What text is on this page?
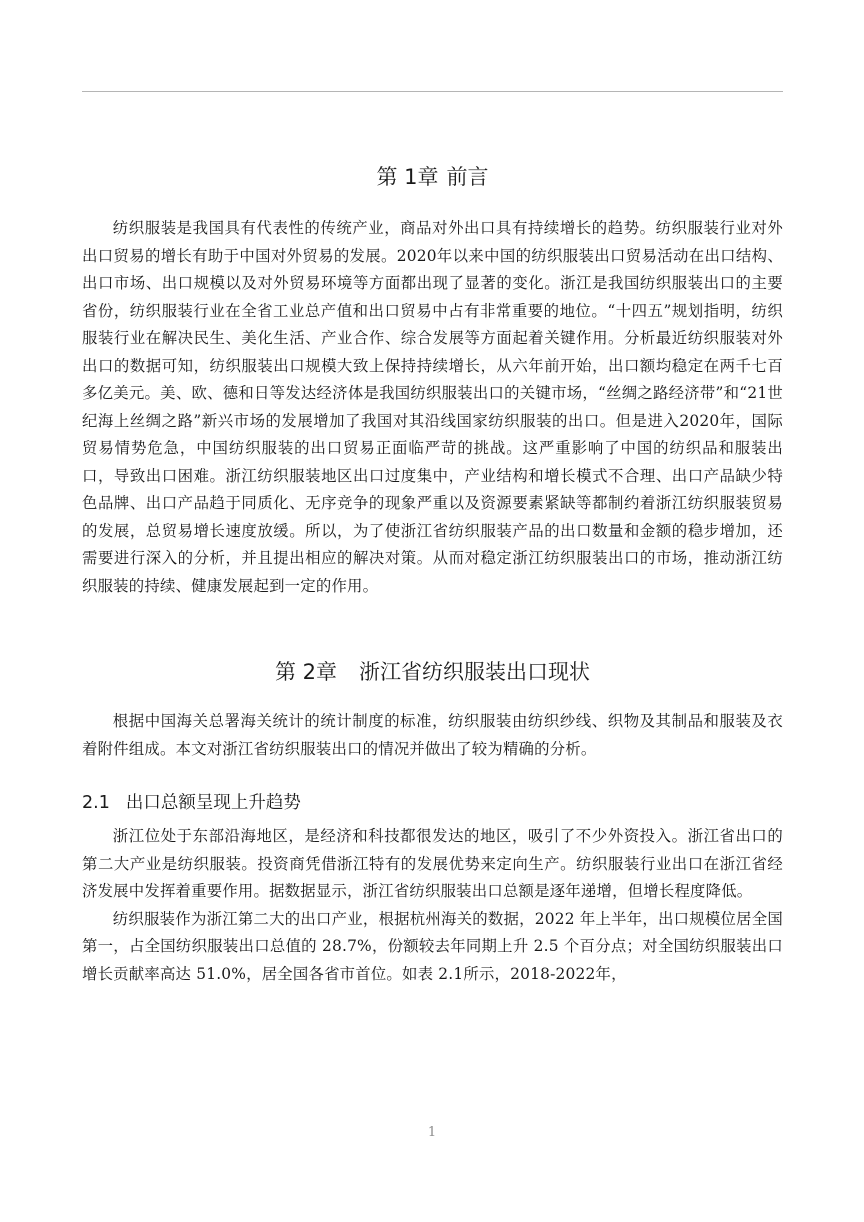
第 1章 前言

纺织服装是我国具有代表性的传统产业，商品对外出口具有持续增长的趋势。纺织服装行业对外出口贸易的增长有助于中国对外贸易的发展。2020年以来中国的纺织服装出口贸易活动在出口结构、出口市场、出口规模以及对外贸易环境等方面都出现了显著的变化。浙江是我国纺织服装出口的主要省份，纺织服装行业在全省工业总产值和出口贸易中占有非常重要的地位。“十四五”规划指明，纺织服装行业在解决民生、美化生活、产业合作、综合发展等方面起着关键作用。分析最近纺织服装对外出口的数据可知，纺织服装出口规模大致上保持持续增长，从六年前开始，出口额均稳定在两千七百多亿美元。美、欧、德和日等发达经济体是我国纺织服装出口的关键市场，“丝绸之路经济带”和“21世纪海上丝绸之路”新兴市场的发展增加了我国对其沿线国家纺织服装的出口。但是进入2020年，国际贸易情势危急，中国纺织服装的出口贸易正面临严苛的挑战。这严重影响了中国的纺织品和服装出口，导致出口困难。浙江纺织服装地区出口过度集中，产业结构和增长模式不合理、出口产品缺少特色品牌、出口产品趋于同质化、无序竞争的现象严重以及资源要素紧缺等都制约着浙江纺织服装贸易的发展，总贸易增长速度放缓。所以，为了使浙江省纺织服装产品的出口数量和金额的稳步增加，还需要进行深入的分析，并且提出相应的解决对策。从而对稳定浙江纺织服装出口的市场，推动浙江纺织服装的持续、健康发展起到一定的作用。

第 2章 浙江省纺织服装出口现状

根据中国海关总署海关统计的统计制度的标准，纺织服装由纺织纱线、织物及其制品和服装及衣着附件组成。本文对浙江省纺织服装出口的情况并做出了较为精确的分析。

2.1 出口总额呈现上升趋势

浙江位处于东部沿海地区，是经济和科技都很发达的地区，吸引了不少外资投入。浙江省出口的第二大产业是纺织服装。投资商凭借浙江特有的发展优势来定向生产。纺织服装行业出口在浙江省经济发展中发挥着重要作用。据数据显示，浙江省纺织服装出口总额是逐年递增，但增长程度降低。

纺织服装作为浙江第二大的出口产业，根据杭州海关的数据，2022 年上半年，出口规模位居全国第一，占全国纺织服装出口总值的 28.7%，份额较去年同期上升 2.5 个百分点；对全国纺织服装出口增长贡献率高达 51.0%，居全国各省市首位。如表 2.1所示，2018-2022年，

1
